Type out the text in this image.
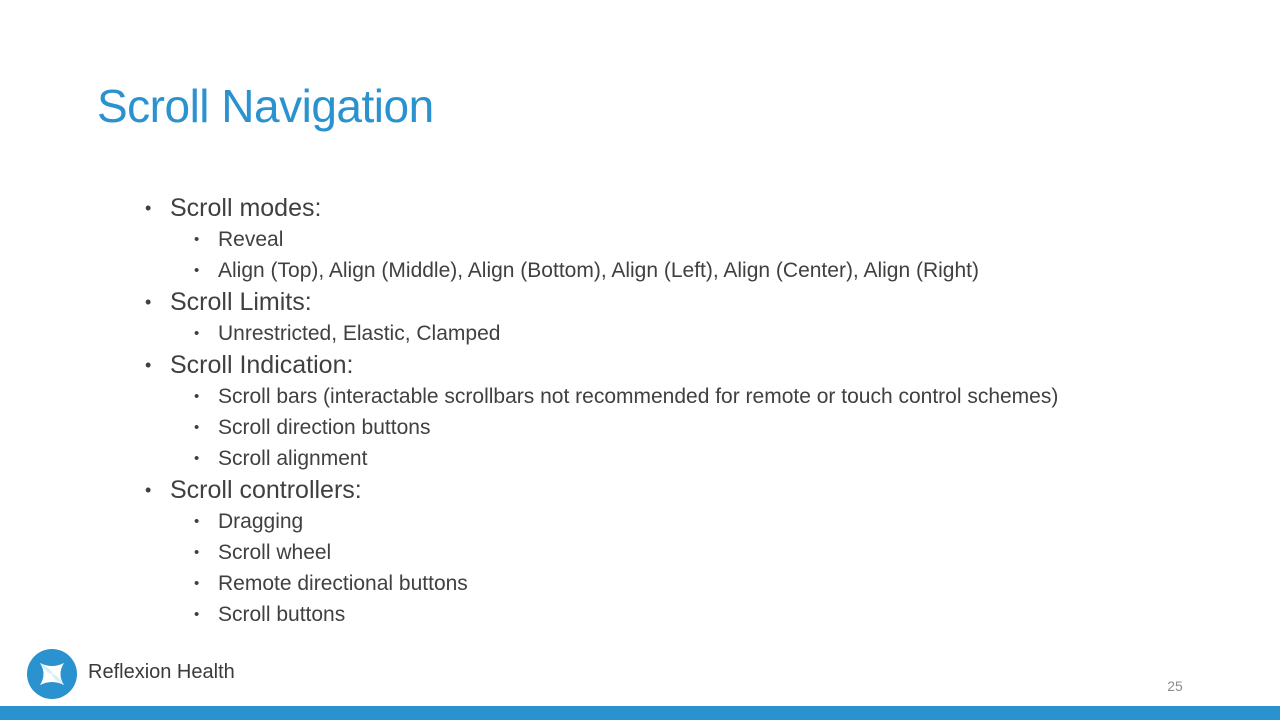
Scroll Navigation
• Scroll modes:
• Reveal
• Align (Top), Align (Middle), Align (Bottom), Align (Left), Align (Center), Align (Right)
• Scroll Limits:
• Unrestricted, Elastic, Clamped
• Scroll Indication:
• Scroll bars (interactable scrollbars not recommended for remote or touch control schemes)
• Scroll direction buttons
• Scroll alignment
• Scroll controllers:
• Dragging
• Scroll wheel
• Remote directional buttons
• Scroll buttons
Reflexion Health
25
